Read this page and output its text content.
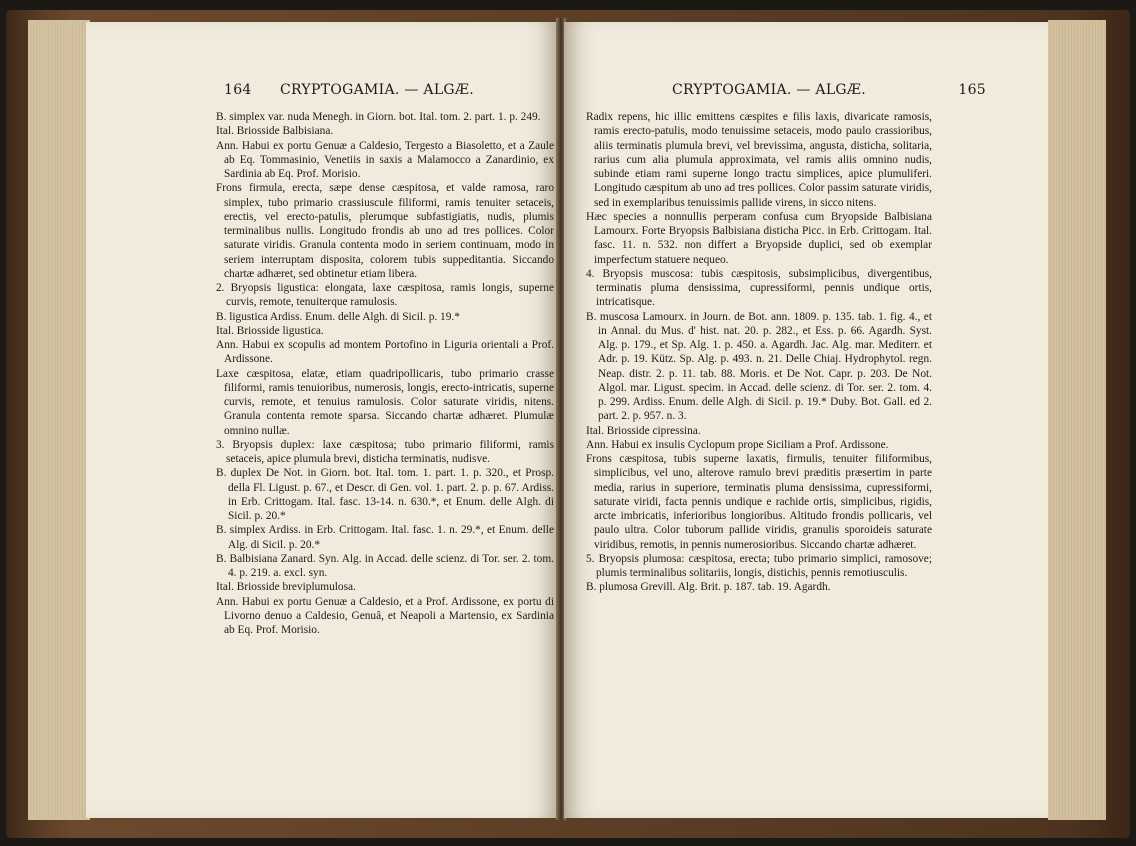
164 CRYPTOGAMIA. — ALGÆ.

B. simplex var. nuda Menegh. in Giorn. bot. Ital. tom. 2. part. 1. p. 249.

Ital. Briosside Balbisiana.

Ann. Habui ex portu Genuæ a Caldesio, Tergesto a Biasoletto, et a Zaule ab Eq. Tommasinio, Venetiis in saxis a Malamocco a Zanardinio, ex Sardinia ab Eq. Prof. Morisio.

Frons firmula, erecta, sæpe dense cæspitosa, et valde ramosa, raro simplex, tubo primario crassiuscule filiformi, ramis tenuiter setaceis, erectis, vel erecto-patulis, plerumque subfastigiatis, nudis, plumis terminalibus nullis. Longitudo frondis ab uno ad tres pollices. Color saturate viridis. Granula contenta modo in seriem continuam, modo in seriem interruptam disposita, colorem tubis suppeditantia. Siccando chartæ adhæret, sed obtinetur etiam libera.

2. Bryopsis ligustica: elongata, laxe cæspitosa, ramis longis, superne curvis, remote, tenuiterque ramulosis.

B. ligustica Ardiss. Enum. delle Algh. di Sicil. p. 19.*

Ital. Briosside ligustica.

Ann. Habui ex scopulis ad montem Portofino in Liguria orientali a Prof. Ardissone.

Laxe cæspitosa, elatæ, etiam quadripollicaris, tubo primario crasse filiformi, ramis tenuioribus, numerosis, longis, erecto-intricatis, superne curvis, remote, et tenuius ramulosis. Color saturate viridis, nitens. Granula contenta remote sparsa. Siccando chartæ adhæret. Plumulæ omnino nullæ.

3. Bryopsis duplex: laxe cæspitosa; tubo primario filiformi, ramis setaceis, apice plumula brevi, disticha terminatis, nudisve.

B. duplex De Not. in Giorn. bot. Ital. tom. 1. part. 1. p. 320., et Prosp. della Fl. Ligust. p. 67., et Descr. di Gen. vol. 1. part. 2. p. p. 67. Ardiss. in Erb. Crittogam. Ital. fasc. 13-14. n. 630.*, et Enum. delle Algh. di Sicil. p. 20.*

B. simplex Ardiss. in Erb. Crittogam. Ital. fasc. 1. n. 29.*, et Enum. delle Alg. di Sicil. p. 20.*

B. Balbisiana Zanard. Syn. Alg. in Accad. delle scienz. di Tor. ser. 2. tom. 4. p. 219. a. excl. syn.

Ital. Briosside breviplumulosa.

Ann. Habui ex portu Genuæ a Caldesio, et a Prof. Ardissone, ex portu di Livorno denuo a Caldesio, Genuâ, et Neapoli a Martensio, ex Sardinia ab Eq. Prof. Morisio.

CRYPTOGAMIA. — ALGÆ.	165

Radix repens, hic illic emittens cæspites e filis laxis, divaricate ramosis, ramis erecto-patulis, modo tenuissime setaceis, modo paulo crassioribus, aliis terminatis plumula brevi, vel brevissima, angusta, disticha, solitaria, rarius cum alia plumula approximata, vel ramis aliis omnino nudis, subinde etiam rami superne longo tractu simplices, apice plumuliferi. Longitudo cæspitum ab uno ad tres pollices. Color passim saturate viridis, sed in exemplaribus tenuissimis pallide virens, in sicco nitens.

Hæc species a nonnullis perperam confusa cum Bryopside Balbisiana Lamourx. Forte Bryopsis Balbisiana disticha Picc. in Erb. Crittogam. Ital. fasc. 11. n. 532. non differt a Bryopside duplici, sed ob exemplar imperfectum statuere nequeo.

4. Bryopsis muscosa: tubis cæspitosis, subsimplicibus, divergentibus, terminatis pluma densissima, cupressiformi, pennis undique ortis, intricatisque.

B. muscosa Lamourx. in Journ. de Bot. ann. 1809. p. 135. tab. 1. fig. 4., et in Annal. du Mus. d' hist. nat. 20. p. 282., et Ess. p. 66. Agardh. Syst. Alg. p. 179., et Sp. Alg. 1. p. 450. a. Agardh. Jac. Alg. mar. Mediterr. et Adr. p. 19. Kütz. Sp. Alg. p. 493. n. 21. Delle Chiaj. Hydrophytol. regn. Neap. distr. 2. p. 11. tab. 88. Moris. et De Not. Capr. p. 203. De Not. Algol. mar. Ligust. specim. in Accad. delle scienz. di Tor. ser. 2. tom. 4. p. 299. Ardiss. Enum. delle Algh. di Sicil. p. 19.* Duby. Bot. Gall. ed 2. part. 2. p. 957. n. 3.

Ital. Briosside cipressina.

Ann. Habui ex insulis Cyclopum prope Siciliam a Prof. Ardissone.

Frons cæspitosa, tubis superne laxatis, firmulis, tenuiter filiformibus, simplicibus, vel uno, alterove ramulo brevi præditis præsertim in parte media, rarius in superiore, terminatis pluma densissima, cupressiformi, saturate viridi, facta pennis undique e rachide ortis, simplicibus, rigidis, arcte imbricatis, inferioribus longioribus. Altitudo frondis pollicaris, vel paulo ultra. Color tuborum pallide viridis, granulis sporoideis saturate viridibus, remotis, in pennis numerosioribus. Siccando chartæ adhæret.

5. Bryopsis plumosa: cæspitosa, erecta; tubo primario simplici, ramosove; plumis terminalibus solitariis, longis, distichis, pennis remotiusculis.

B. plumosa Grevill. Alg. Brit. p. 187. tab. 19. Agardh.
